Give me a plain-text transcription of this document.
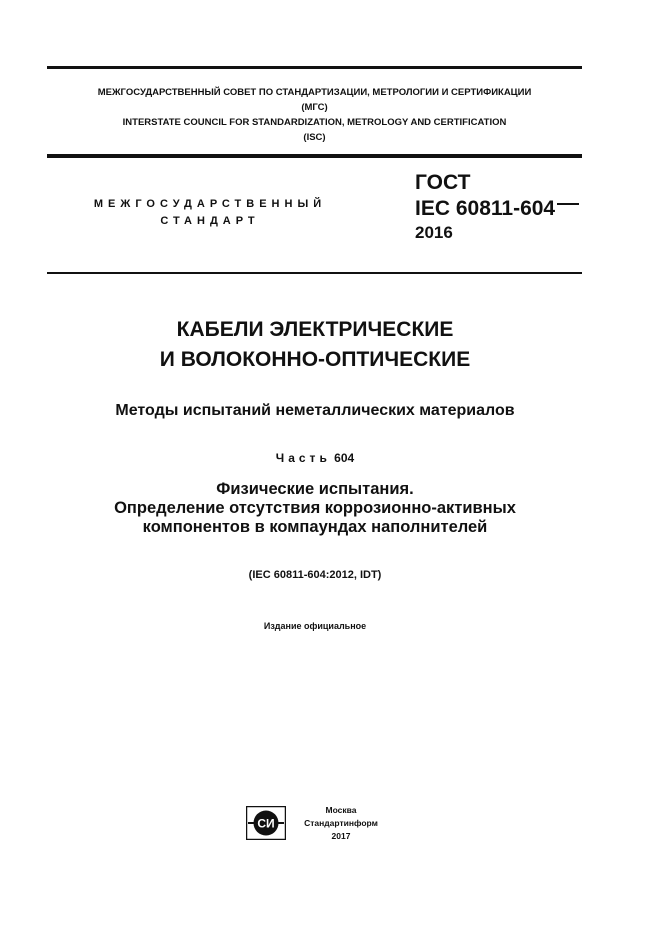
МЕЖГОСУДАРСТВЕННЫЙ СОВЕТ ПО СТАНДАРТИЗАЦИИ, МЕТРОЛОГИИ И СЕРТИФИКАЦИИ
(МГС)
INTERSTATE COUNCIL FOR STANDARDIZATION, METROLOGY AND CERTIFICATION
(ISC)
МЕЖГОСУДАРСТВЕННЫЙ
СТАНДАРТ
ГОСТ
IEC 60811-604
2016
КАБЕЛИ ЭЛЕКТРИЧЕСКИЕ
И ВОЛОКОННО-ОПТИЧЕСКИЕ
Методы испытаний неметаллических материалов
Часть 604
Физические испытания.
Определение отсутствия коррозионно-активных
компонентов в компаундах наполнителей
(IEC 60811-604:2012, IDT)
Издание официальное
СИ
Москва
Стандартинформ
2017
